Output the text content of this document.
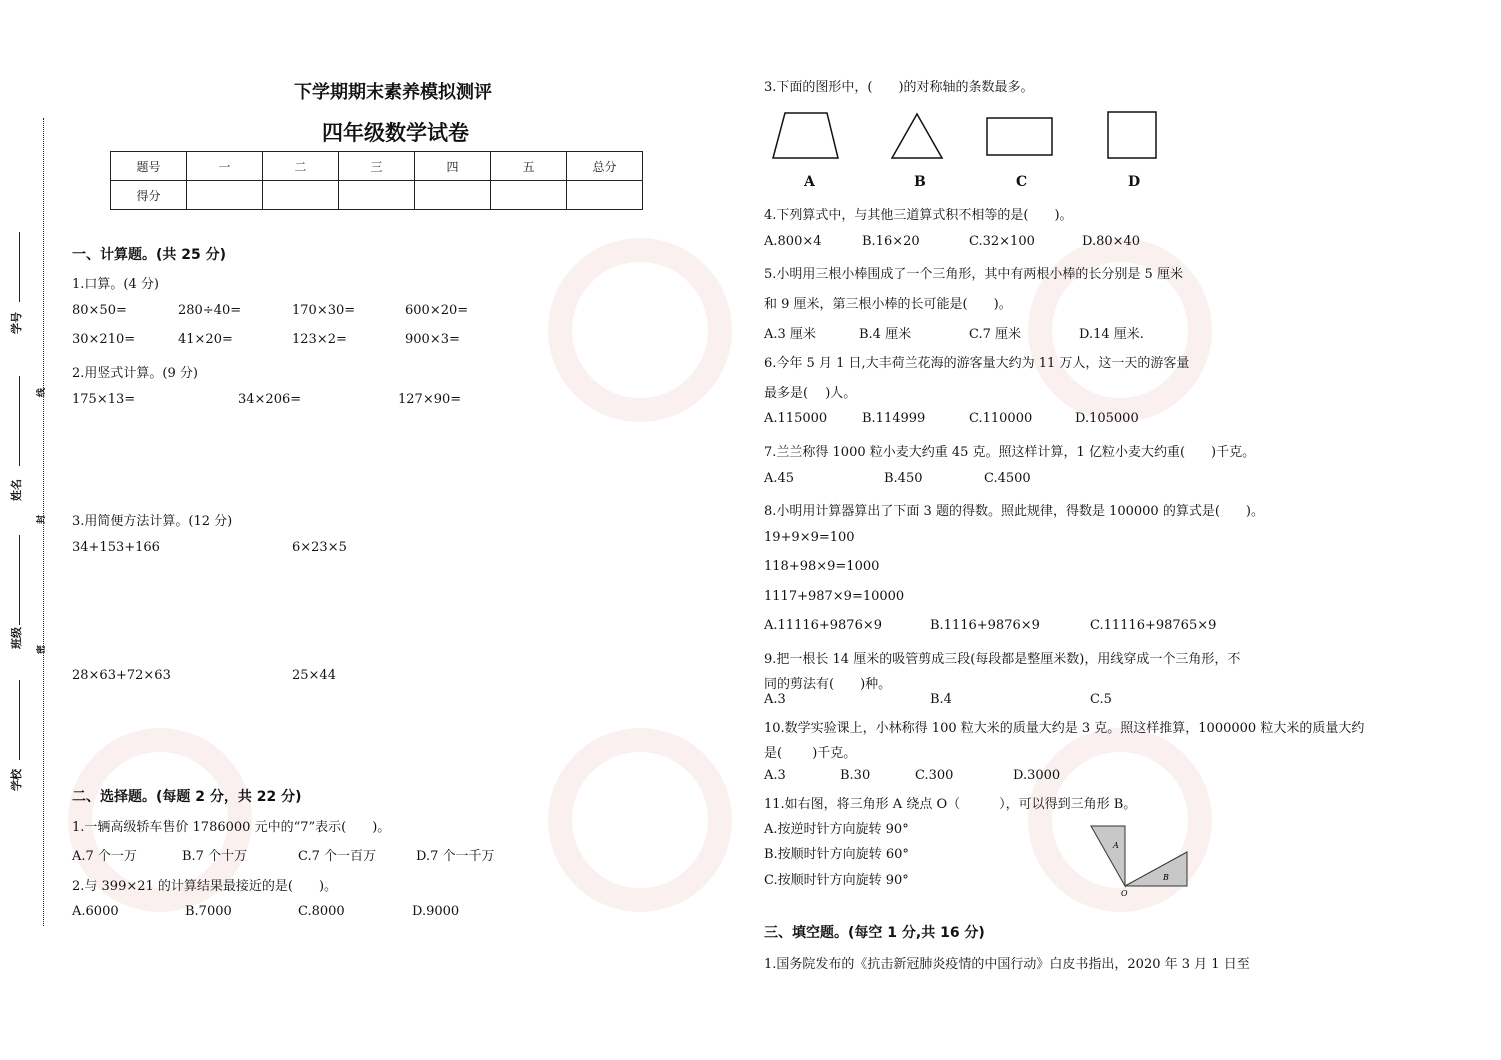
学号
姓名
班级
学校
线
封
密
下学期期末素养模拟测评
四年级数学试卷
题号	一	二	三	四	五	总分
得分						
一、计算题。(共 25 分)
1.口算。(4 分)
80×50=	280÷40=	170×30=	600×20=
30×210=	41×20=	123×2=	900×3=
2.用竖式计算。(9 分)
175×13=	34×206=	127×90=
3.用简便方法计算。(12 分)
34+153+166	6×23×5
28×63+72×63	25×44
二、选择题。(每题 2 分，共 22 分)
1.一辆高级轿车售价 1786000 元中的“7”表示(　　)。
A.7 个一万	B.7 个十万	C.7 个一百万	D.7 个一千万
2.与 399×21 的计算结果最接近的是(　　)。
A.6000	B.7000	C.8000	D.9000
3.下面的图形中，(　　)的对称轴的条数最多。
A	B	C	D
4.下列算式中，与其他三道算式积不相等的是(　　)。
A.800×4	B.16×20	C.32×100	D.80×40
5.小明用三根小棒围成了一个三角形，其中有两根小棒的长分别是 5 厘米
和 9 厘米，第三根小棒的长可能是(　　)。
A.3 厘米	B.4 厘米	C.7 厘米	D.14 厘米.
6.今年 5 月 1 日,大丰荷兰花海的游客量大约为 11 万人，这一天的游客量
最多是(　 )人。
A.115000	B.114999	C.110000	D.105000
7.兰兰称得 1000 粒小麦大约重 45 克。照这样计算，1 亿粒小麦大约重(　　)千克。
A.45	B.450	C.4500
8.小明用计算器算出了下面 3 题的得数。照此规律，得数是 100000 的算式是(　　)。
19+9×9=100
118+98×9=1000
1117+987×9=10000
A.11116+9876×9	B.1116+9876×9	C.11116+98765×9
9.把一根长 14 厘米的吸管剪成三段(每段都是整厘米数)，用线穿成一个三角形，不
同的剪法有(　　)种。
A.3	B.4	C.5
10.数学实验课上，小林称得 100 粒大米的质量大约是 3 克。照这样推算，1000000 粒大米的质量大约
是(　　 )千克。
A.3	B.30	C.300	D.3000
11.如右图，将三角形 A 绕点 O（　　　），可以得到三角形 B。
A.按逆时针方向旋转 90°
B.按顺时针方向旋转 60°
C.按顺时针方向旋转 90°
A
B
O
三、填空题。(每空 1 分,共 16 分)
1.国务院发布的《抗击新冠肺炎疫情的中国行动》白皮书指出，2020 年 3 月 1 日至
